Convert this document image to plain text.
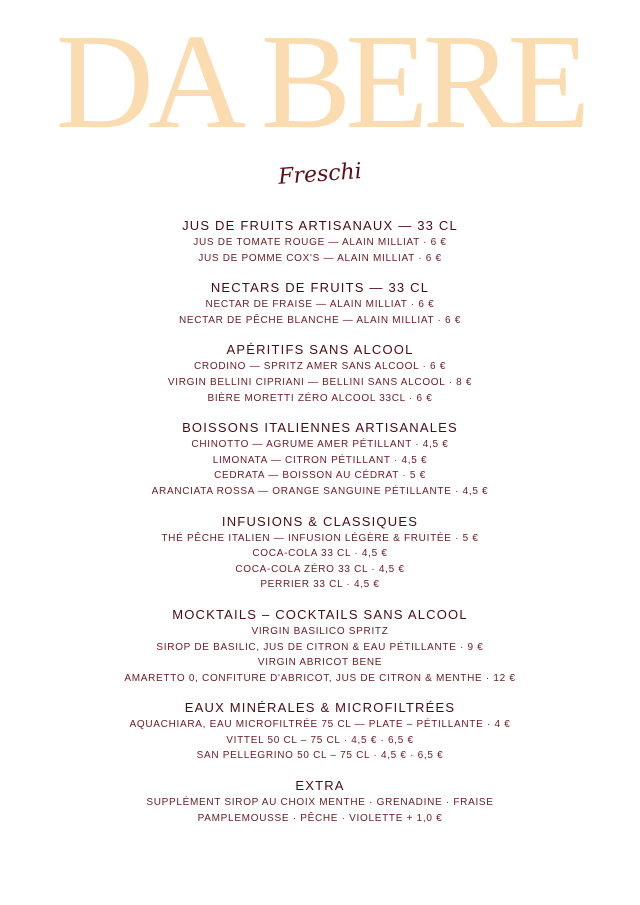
DA BERE
Freschi
JUS DE FRUITS ARTISANAUX — 33 CL
JUS DE TOMATE ROUGE — ALAIN MILLIAT · 6 €
JUS DE POMME COX'S — ALAIN MILLIAT · 6 €
NECTARS DE FRUITS — 33 CL
NECTAR DE FRAISE — ALAIN MILLIAT · 6 €
NECTAR DE PÊCHE BLANCHE — ALAIN MILLIAT · 6 €
APÉRITIFS SANS ALCOOL
CRODINO — SPRITZ AMER SANS ALCOOL · 6 €
VIRGIN BELLINI CIPRIANI — BELLINI SANS ALCOOL · 8 €
BIÈRE MORETTI ZÉRO ALCOOL 33CL · 6 €
BOISSONS ITALIENNES ARTISANALES
CHINOTTO — AGRUME AMER PÉTILLANT · 4,5 €
LIMONATA — CITRON PÉTILLANT · 4,5 €
CEDRATA — BOISSON AU CÉDRAT · 5 €
ARANCIATA ROSSA — ORANGE SANGUINE PÉTILLANTE · 4,5 €
INFUSIONS & CLASSIQUES
THÉ PÊCHE ITALIEN — INFUSION LÉGÈRE & FRUITÉE · 5 €
COCA-COLA 33 CL · 4,5 €
COCA-COLA ZÉRO 33 CL · 4,5 €
PERRIER 33 CL · 4,5 €
MOCKTAILS – COCKTAILS SANS ALCOOL
VIRGIN BASILICO SPRITZ
SIROP DE BASILIC, JUS DE CITRON & EAU PÉTILLANTE · 9 €
VIRGIN ABRICOT BENE
AMARETTO 0, CONFITURE D'ABRICOT, JUS DE CITRON & MENTHE · 12 €
EAUX MINÉRALES & MICROFILTRÉES
AQUACHIARA, EAU MICROFILTRÉE 75 CL — PLATE – PÉTILLANTE · 4 €
VITTEL 50 CL – 75 CL · 4,5 € · 6,5 €
SAN PELLEGRINO 50 CL – 75 CL · 4,5 € · 6,5 €
EXTRA
SUPPLÉMENT SIROP AU CHOIX MENTHE · GRENADINE · FRAISE
PAMPLEMOUSSE · PÊCHE · VIOLETTE + 1,0 €
